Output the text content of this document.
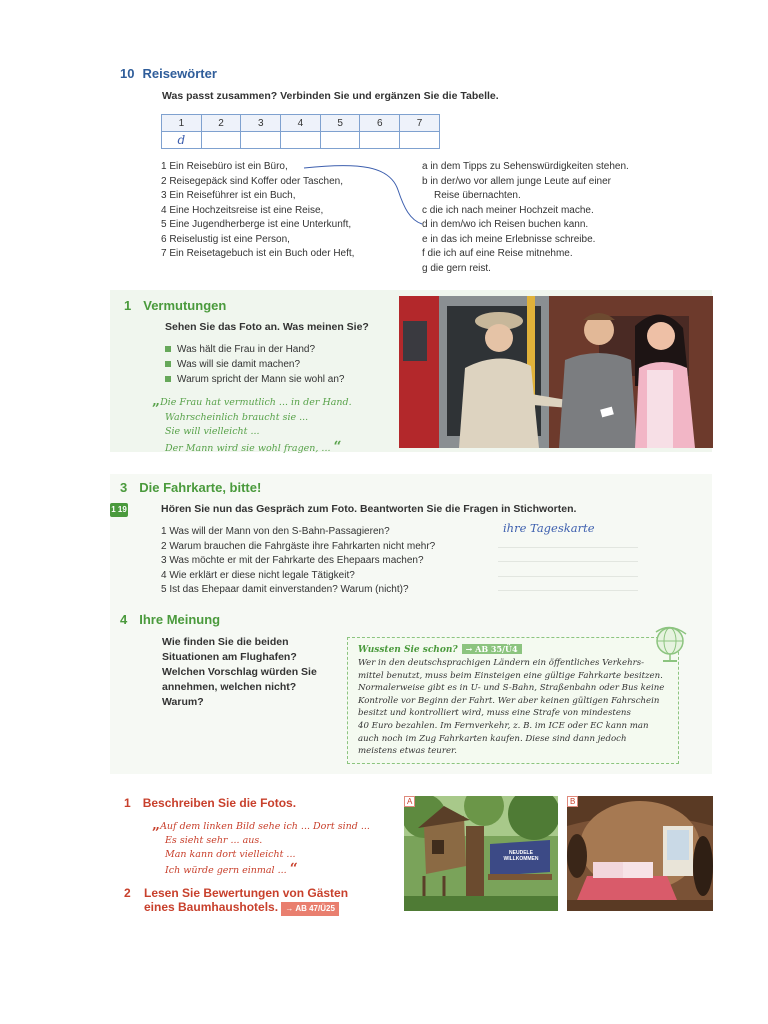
10 Reisewörter
Was passt zusammen? Verbinden Sie und ergänzen Sie die Tabelle.
1	2	3	4	5	6	7
d						
1 Ein Reisebüro ist ein Büro,
2 Reisegepäck sind Koffer oder Taschen,
3 Ein Reiseführer ist ein Buch,
4 Eine Hochzeitsreise ist eine Reise,
5 Eine Jugendherberge ist eine Unterkunft,
6 Reiselustig ist eine Person,
7 Ein Reisetagebuch ist ein Buch oder Heft,
a in dem Tipps zu Sehenswürdigkeiten stehen.
b in der/wo vor allem junge Leute auf einer
Reise übernachten.
c die ich nach meiner Hochzeit mache.
d in dem/wo ich Reisen buchen kann.
e in das ich meine Erlebnisse schreibe.
f die ich auf eine Reise mitnehme.
g die gern reist.
1 Vermutungen
Sehen Sie das Foto an. Was meinen Sie?
Was hält die Frau in der Hand?
Was will sie damit machen?
Warum spricht der Mann sie wohl an?
„Die Frau hat vermutlich ... in der Hand.
Wahrscheinlich braucht sie ...
Sie will vielleicht ...
Der Mann wird sie wohl fragen, ... “
3 Die Fahrkarte, bitte!
1 19	Hören Sie nun das Gespräch zum Foto. Beantworten Sie die Fragen in Stichworten.
1 Was will der Mann von den S-Bahn-Passagieren?
2 Warum brauchen die Fahrgäste ihre Fahrkarten nicht mehr?
3 Was möchte er mit der Fahrkarte des Ehepaars machen?
4 Wie erklärt er diese nicht legale Tätigkeit?
5 Ist das Ehepaar damit einverstanden? Warum (nicht)?
ihre Tageskarte
4 Ihre Meinung
Wie finden Sie die beiden
Situationen am Flughafen?
Welchen Vorschlag würden Sie
annehmen, welchen nicht?
Warum?
Wussten Sie schon? → AB 35/Ü4
Wer in den deutschsprachigen Ländern ein öffentliches Verkehrs-
mittel benutzt, muss beim Einsteigen eine gültige Fahrkarte besitzen.
Normalerweise gibt es in U- und S-Bahn, Straßenbahn oder Bus keine
Kontrolle vor Beginn der Fahrt. Wer aber keinen gültigen Fahrschein
besitzt und kontrolliert wird, muss eine Strafe von mindestens
40 Euro bezahlen. Im Fernverkehr, z. B. im ICE oder EC kann man
auch noch im Zug Fahrkarten kaufen. Diese sind dann jedoch
meistens etwas teurer.
1 Beschreiben Sie die Fotos.
„Auf dem linken Bild sehe ich ... Dort sind ...
Es sieht sehr ... aus.
Man kann dort vielleicht ...
Ich würde gern einmal ... “
2 Lesen Sie Bewertungen von Gästen
eines Baumhaushotels. → AB 47/Ü25
NEUDELE WILLKOMMEN
A	B
